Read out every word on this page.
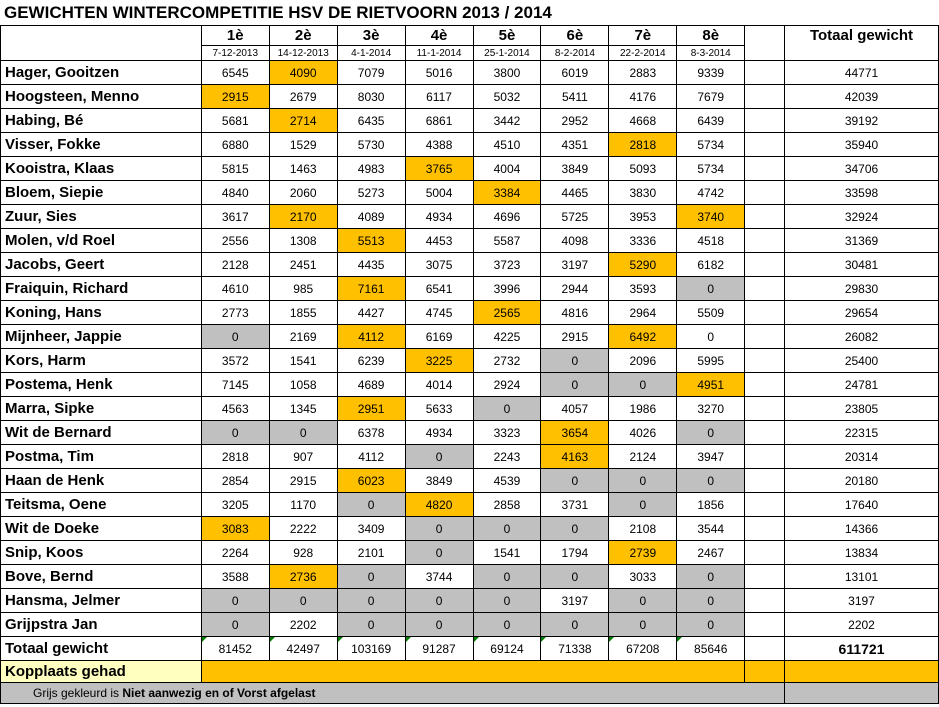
GEWICHTEN WINTERCOMPETITIE HSV DE RIETVOORN 2013 / 2014
	1è	2è	3è	4è	5è	6è	7è	8è		Totaal gewicht
	7-12-2013	14-12-2013	4-1-2014	11-1-2014	25-1-2014	8-2-2014	22-2-2014	8-3-2014		
Hager, Gooitzen	6545	4090	7079	5016	3800	6019	2883	9339		44771
Hoogsteen, Menno	2915	2679	8030	6117	5032	5411	4176	7679		42039
Habing, Bé	5681	2714	6435	6861	3442	2952	4668	6439		39192
Visser, Fokke	6880	1529	5730	4388	4510	4351	2818	5734		35940
Kooistra, Klaas	5815	1463	4983	3765	4004	3849	5093	5734		34706
Bloem, Siepie	4840	2060	5273	5004	3384	4465	3830	4742		33598
Zuur, Sies	3617	2170	4089	4934	4696	5725	3953	3740		32924
Molen, v/d Roel	2556	1308	5513	4453	5587	4098	3336	4518		31369
Jacobs, Geert	2128	2451	4435	3075	3723	3197	5290	6182		30481
Fraiquin, Richard	4610	985	7161	6541	3996	2944	3593	0		29830
Koning, Hans	2773	1855	4427	4745	2565	4816	2964	5509		29654
Mijnheer, Jappie	0	2169	4112	6169	4225	2915	6492	0		26082
Kors, Harm	3572	1541	6239	3225	2732	0	2096	5995		25400
Postema, Henk	7145	1058	4689	4014	2924	0	0	4951		24781
Marra, Sipke	4563	1345	2951	5633	0	4057	1986	3270		23805
Wit de Bernard	0	0	6378	4934	3323	3654	4026	0		22315
Postma, Tim	2818	907	4112	0	2243	4163	2124	3947		20314
Haan de Henk	2854	2915	6023	3849	4539	0	0	0		20180
Teitsma, Oene	3205	1170	0	4820	2858	3731	0	1856		17640
Wit de Doeke	3083	2222	3409	0	0	0	2108	3544		14366
Snip, Koos	2264	928	2101	0	1541	1794	2739	2467		13834
Bove, Bernd	3588	2736	0	3744	0	0	3033	0		13101
Hansma, Jelmer	0	0	0	0	0	3197	0	0		3197
Grijpstra Jan	0	2202	0	0	0	0	0	0		2202
Totaal gewicht	81452	42497	103169	91287	69124	71338	67208	85646		611721
Kopplaats gehad										
Grijs gekleurd is Niet aanwezig en of Vorst afgelast										
